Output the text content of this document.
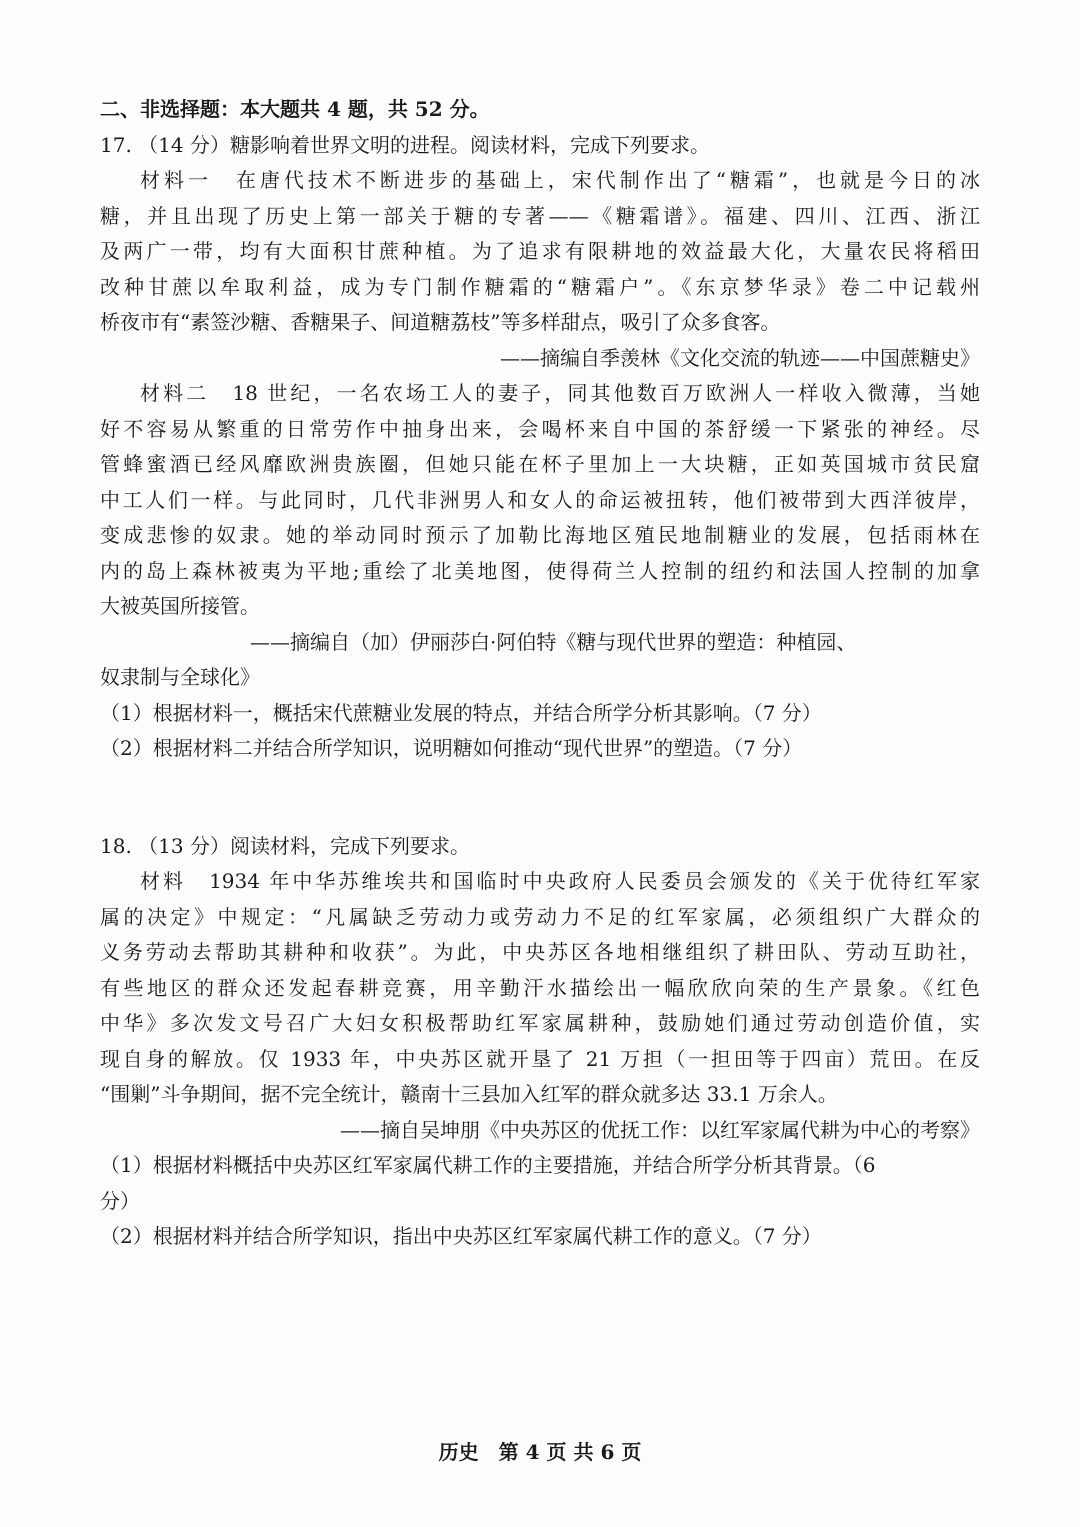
二、非选择题：本大题共 4 题，共 52 分。

17. （14 分）糖影响着世界文明的进程。阅读材料，完成下列要求。

材料一　在唐代技术不断进步的基础上，宋代制作出了“糖霜”，也就是今日的冰

糖，并且出现了历史上第一部关于糖的专著——《糖霜谱》。福建、四川、江西、浙江

及两广一带，均有大面积甘蔗种植。为了追求有限耕地的效益最大化，大量农民将稻田

改种甘蔗以牟取利益，成为专门制作糖霜的“糖霜户”。《东京梦华录》卷二中记载州

桥夜市有“素签沙糖、香糖果子、间道糖荔枝”等多样甜点，吸引了众多食客。

——摘编自季羡林《文化交流的轨迹——中国蔗糖史》

材料二　18 世纪，一名农场工人的妻子，同其他数百万欧洲人一样收入微薄，当她

好不容易从繁重的日常劳作中抽身出来，会喝杯来自中国的茶舒缓一下紧张的神经。尽

管蜂蜜酒已经风靡欧洲贵族圈，但她只能在杯子里加上一大块糖，正如英国城市贫民窟

中工人们一样。与此同时，几代非洲男人和女人的命运被扭转，他们被带到大西洋彼岸，

变成悲惨的奴隶。她的举动同时预示了加勒比海地区殖民地制糖业的发展，包括雨林在

内的岛上森林被夷为平地;重绘了北美地图，使得荷兰人控制的纽约和法国人控制的加拿

大被英国所接管。

——摘编自（加）伊丽莎白·阿伯特《糖与现代世界的塑造：种植园、

奴隶制与全球化》

（1）根据材料一，概括宋代蔗糖业发展的特点，并结合所学分析其影响。（7 分）

（2）根据材料二并结合所学知识，说明糖如何推动“现代世界”的塑造。（7 分）

18. （13 分）阅读材料，完成下列要求。

材料　1934 年中华苏维埃共和国临时中央政府人民委员会颁发的《关于优待红军家

属的决定》中规定：“凡属缺乏劳动力或劳动力不足的红军家属，必须组织广大群众的

义务劳动去帮助其耕种和收获”。为此，中央苏区各地相继组织了耕田队、劳动互助社，

有些地区的群众还发起春耕竞赛，用辛勤汗水描绘出一幅欣欣向荣的生产景象。《红色

中华》多次发文号召广大妇女积极帮助红军家属耕种，鼓励她们通过劳动创造价值，实

现自身的解放。仅 1933 年，中央苏区就开垦了 21 万担（一担田等于四亩）荒田。在反

“围剿”斗争期间，据不完全统计，赣南十三县加入红军的群众就多达 33.1 万余人。

——摘自吴坤朋《中央苏区的优抚工作：以红军家属代耕为中心的考察》

（1）根据材料概括中央苏区红军家属代耕工作的主要措施，并结合所学分析其背景。（6

分）

（2）根据材料并结合所学知识，指出中央苏区红军家属代耕工作的意义。（7 分）

历史　第 4 页 共 6 页
